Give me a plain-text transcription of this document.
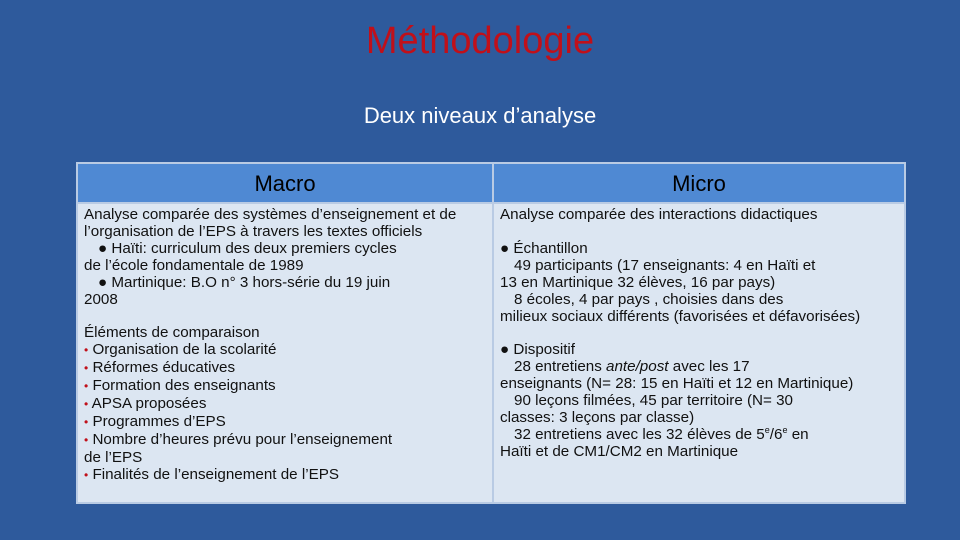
Méthodologie
Deux niveaux d’analyse
Macro

Analyse comparée des systèmes d’enseignement et de l’organisation de l’EPS à travers les textes officiels

● Haïti: curriculum des deux premiers cycles

de l’école fondamentale de 1989

● Martinique: B.O n° 3 hors-série du 19 juin

2008

Éléments de comparaison

• Organisation de la scolarité

• Réformes éducatives

• Formation des enseignants

• APSA proposées

• Programmes d’EPS

• Nombre d’heures prévu pour l’enseignement

de l’EPS

• Finalités de l’enseignement de l’EPS

Micro

Analyse comparée des interactions didactiques

● Échantillon

49 participants (17 enseignants: 4 en Haïti et

13 en Martinique 32 élèves, 16 par pays)

8 écoles, 4 par pays , choisies dans des

milieux sociaux différents (favorisées et défavorisées)

● Dispositif

28 entretiens ante/post avec les 17

enseignants (N= 28: 15 en Haïti et 12 en Martinique)

90 leçons filmées, 45 par territoire (N= 30

classes: 3 leçons par classe)

32 entretiens avec les 32 élèves de 5e/6e en

Haïti et de CM1/CM2 en Martinique
